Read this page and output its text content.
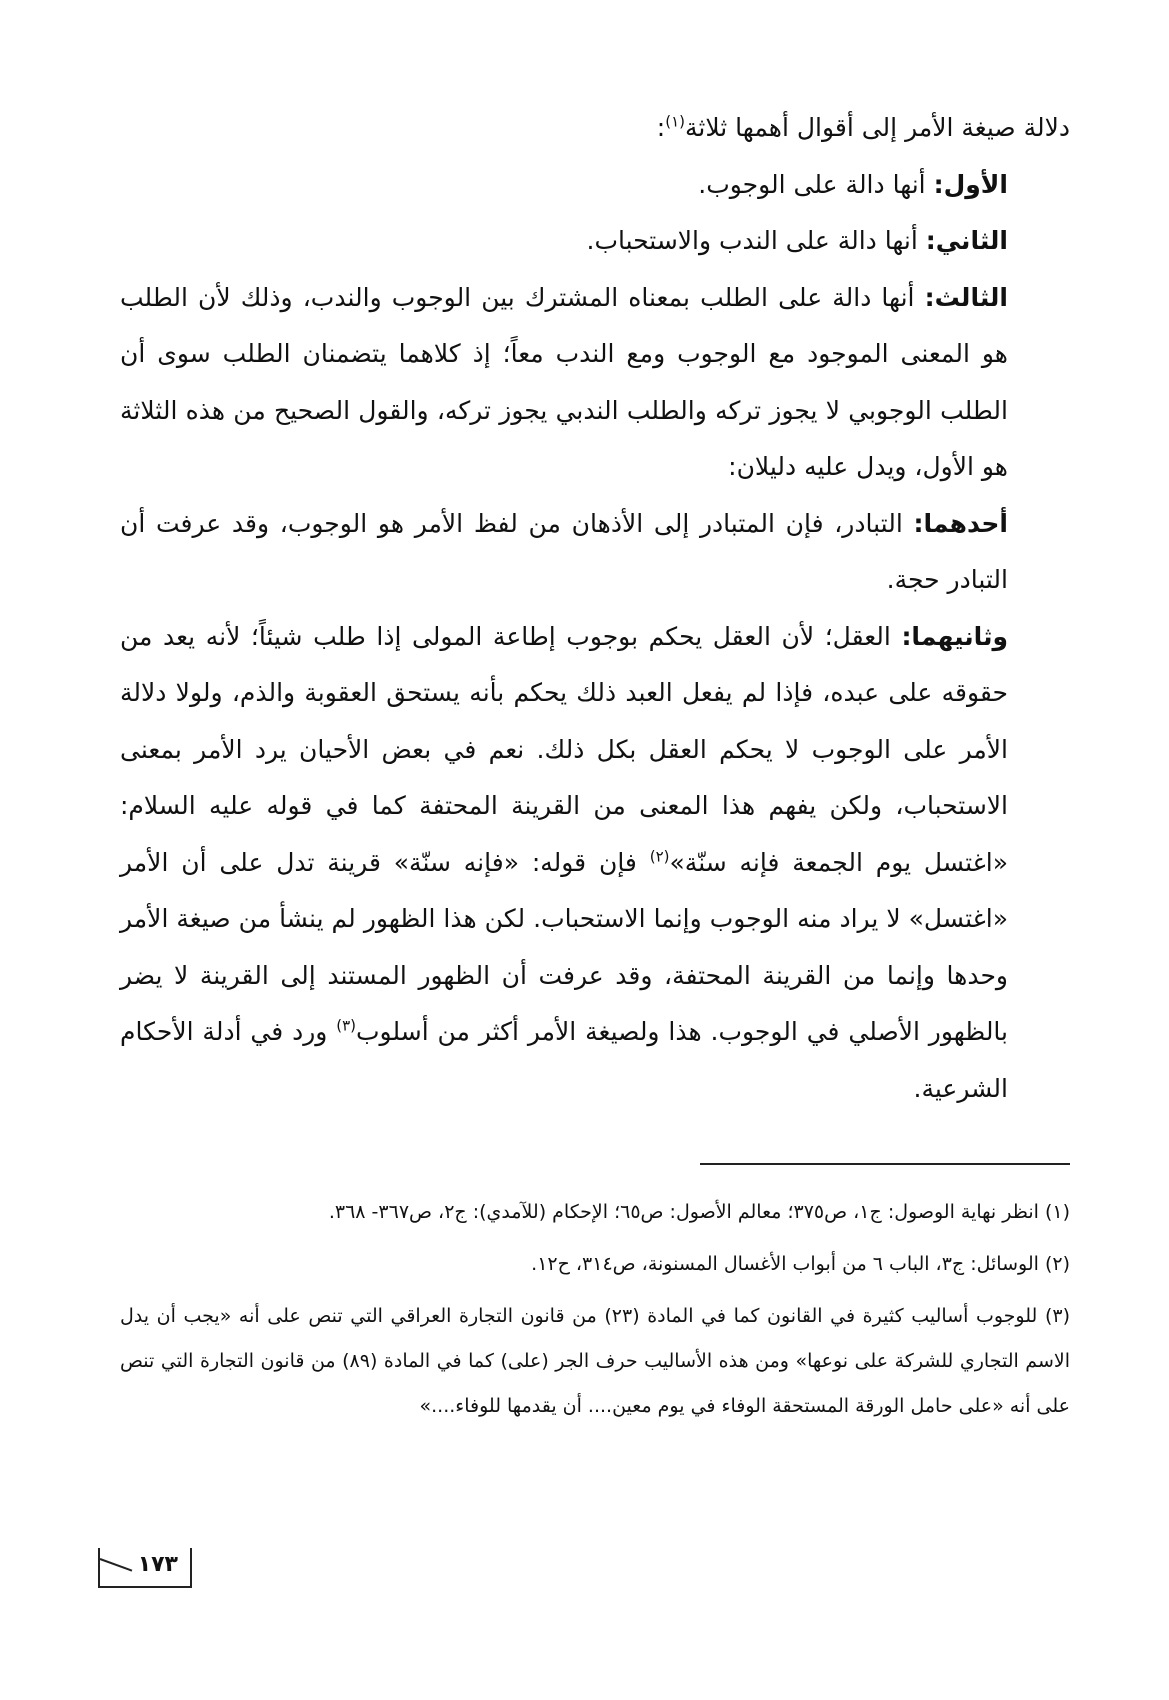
دلالة صيغة الأمر إلى أقوال أهمها ثلاثة$^{(١)}$:

الأول: أنها دالة على الوجوب.

الثاني: أنها دالة على الندب والاستحباب.

الثالث: أنها دالة على الطلب بمعناه المشترك بين الوجوب والندب، وذلك لأن الطلب هو المعنى الموجود مع الوجوب ومع الندب معاً؛ إذ كلاهما يتضمنان الطلب سوى أن الطلب الوجوبي لا يجوز تركه والطلب الندبي يجوز تركه، والقول الصحيح من هذه الثلاثة هو الأول، ويدل عليه دليلان:

أحدهما: التبادر، فإن المتبادر إلى الأذهان من لفظ الأمر هو الوجوب، وقد عرفت أن التبادر حجة.

وثانيهما: العقل؛ لأن العقل يحكم بوجوب إطاعة المولى إذا طلب شيئاً؛ لأنه يعد من حقوقه على عبده، فإذا لم يفعل العبد ذلك يحكم بأنه يستحق العقوبة والذم، ولولا دلالة الأمر على الوجوب لا يحكم العقل بكل ذلك. نعم في بعض الأحيان يرد الأمر بمعنى الاستحباب، ولكن يفهم هذا المعنى من القرينة المحتفة كما في قوله عليه السلام: «اغتسل يوم الجمعة فإنه سنّة»$^{(٢)}$ فإن قوله: «فإنه سنّة» قرينة تدل على أن الأمر «اغتسل» لا يراد منه الوجوب وإنما الاستحباب. لكن هذا الظهور لم ينشأ من صيغة الأمر وحدها وإنما من القرينة المحتفة، وقد عرفت أن الظهور المستند إلى القرينة لا يضر بالظهور الأصلي في الوجوب. هذا ولصيغة الأمر أكثر من أسلوب$^{(٣)}$ ورد في أدلة الأحكام الشرعية.

(١) انظر نهاية الوصول: ج١، ص٣٧٥؛ معالم الأصول: ص٦٥؛ الإحكام (للآمدي): ج٢، ص٣٦٧- ٣٦٨.

(٢) الوسائل: ج٣، الباب ٦ من أبواب الأغسال المسنونة، ص٣١٤، ح١٢.

(٣) للوجوب أساليب كثيرة في القانون كما في المادة (٢٣) من قانون التجارة العراقي التي تنص على أنه «يجب أن يدل الاسم التجاري للشركة على نوعها» ومن هذه الأساليب حرف الجر (على) كما في المادة (٨٩) من قانون التجارة التي تنص على أنه «على حامل الورقة المستحقة الوفاء في يوم معين.... أن يقدمها للوفاء....»

١٧٣
